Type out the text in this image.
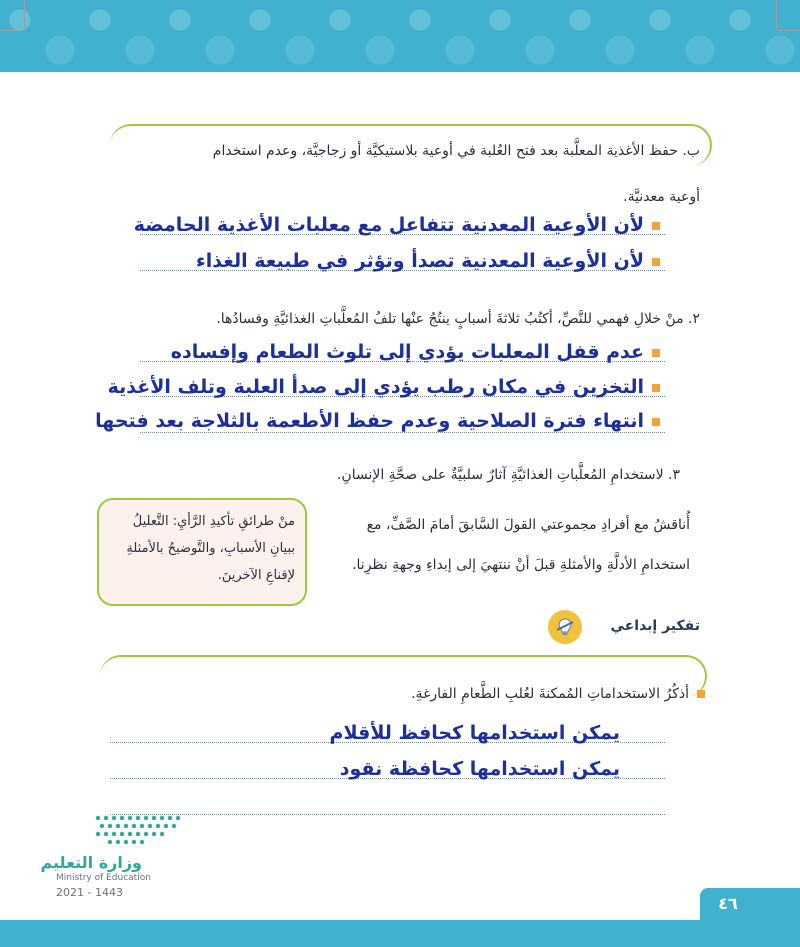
ب. حفظ الأغذية المعلَّبة بعد فتح العُلبة في أوعية بلاستيكيَّة أو زجاجيَّة، وعدم استخدام
أوعية معدنيَّة.
لأن الأوعية المعدنية تتفاعل مع معلبات الأغذية الحامضة
لأن الأوعية المعدنية تصدأ وتؤثر في طبيعة الغذاء
٢. منْ خلالِ فهمي للنَّصِّ، أكتُبُ ثلاثةَ أسبابٍ ينتُجُ عنْها تلفُ المُعلَّباتِ الغذائيَّةِ وفسادُها.
عدم قفل المعلبات يؤدي إلى تلوث الطعام وإفساده
التخزين في مكان رطب يؤدي إلى صدأ العلبة وتلف الأغذية
انتهاء فترة الصلاحية وعدم حفظ الأطعمة بالثلاجة بعد فتحها
٣. لاستخدامِ المُعلَّباتِ الغذائيَّةِ آثارٌ سلبيَّةٌ على صحَّةِ الإنسانِ.
أُناقشُ مع أفرادِ مجموعتي القولَ السَّابقَ أمامَ الصَّفِّ، مع
استخدامِ الأدلَّةِ والأمثلةِ قبلَ أنْ ننتهيَ إلى إبداءِ وجهةِ نظرِنا.
منْ طرائقِ تأكيدِ الرَّأيِ: التَّعليلُ
ببيانِ الأسبابِ، والتَّوضيحُ بالأمثلةِ
لإقناعِ الآخرينَ.
تفكير إبداعي
أذكُرُ الاستخداماتِ المُمكنةَ لعُلبِ الطَّعامِ الفارغةِ.
يمكن استخدامها كحافظ للأقلام
يمكن استخدامها كحافظة نقود
وزارة التعليم
Ministry of Education
2021 - 1443
٤٦
